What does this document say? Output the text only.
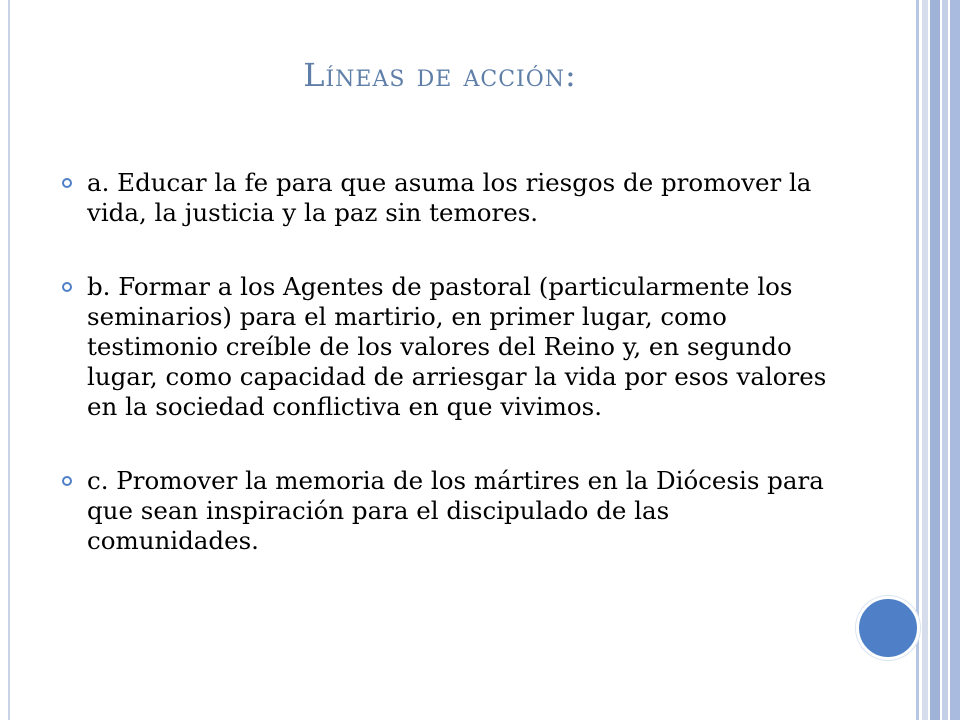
Líneas de acción:
a. Educar la fe para que asuma los riesgos de promover la vida, la justicia y la paz sin temores.
b. Formar a los Agentes de pastoral (particularmente los seminarios) para el martirio, en primer lugar, como testimonio creíble de los valores del Reino y, en segundo lugar, como capacidad de arriesgar la vida por esos valores en la sociedad conflictiva en que vivimos.
c. Promover la memoria de los mártires en la Diócesis para que sean inspiración para el discipulado de las comunidades.
